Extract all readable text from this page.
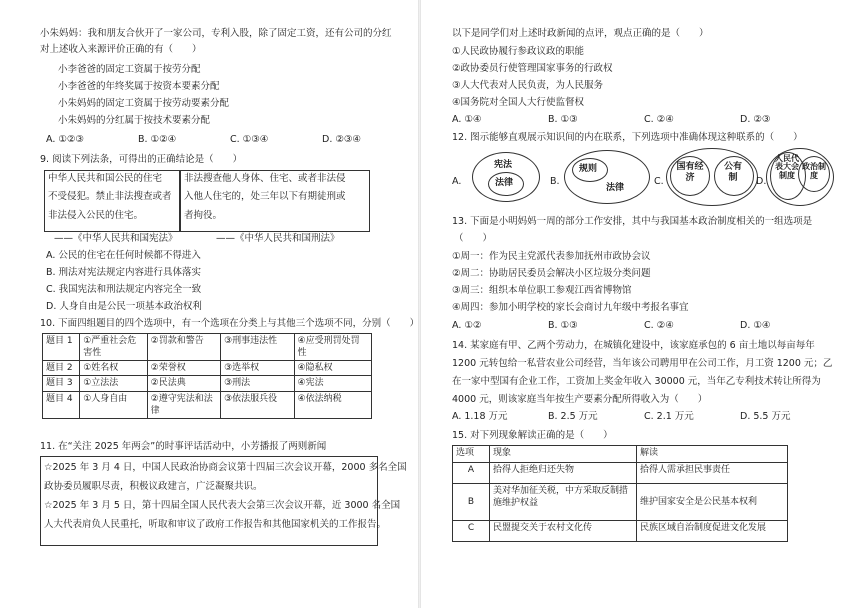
小朱妈妈：我和朋友合伙开了一家公司，专利入股，除了固定工资，还有公司的分红
对上述收入来源评价正确的有（　　）
小李爸爸的固定工资属于按劳分配
小李爸爸的年终奖属于按资本要素分配
小朱妈妈的固定工资属于按劳动要素分配
小朱妈妈的分红属于按技术要素分配
A. ①②③	B. ①②④	C. ①③④	D. ②③④
9. 阅读下列法条，可得出的正确结论是（　　）
中华人民共和国公民的住宅
不受侵犯。禁止非法搜查或者
非法侵入公民的住宅。
非法搜查他人身体、住宅、或者非法侵
入他人住宅的，处三年以下有期徒刑或
者拘役。
——《中华人民共和国宪法》	——《中华人民共和国刑法》
A. 公民的住宅在任何时候都不得进入
B. 刑法对宪法规定内容进行具体落实
C. 我国宪法和刑法规定内容完全一致
D. 人身自由是公民一项基本政治权利
10. 下面四组题目的四个选项中，有一个选项在分类上与其他三个选项不同，分别（　　）
题目 1	①严重社会危害性	②罚款和警告	③刑事违法性	④应受刑罚处罚性
题目 2	①姓名权	②荣誉权	③选举权	④隐私权
题目 3	①立法法	②民法典	③刑法	④宪法
题目 4	①人身自由	②遵守宪法和法律	③依法服兵役	④依法纳税
11. 在“关注 2025 年两会”的时事评话活动中，小芳播报了两则新闻
☆2025 年 3 月 4 日，中国人民政治协商会议第十四届三次会议开幕，2000 多名全国
政协委员履职尽责，积极议政建言，广泛凝聚共识。
☆2025 年 3 月 5 日，第十四届全国人民代表大会第三次会议开幕，近 3000 名全国
人大代表肩负人民重托，听取和审议了政府工作报告和其他国家机关的工作报告。
以下是同学们对上述时政新闻的点评，观点正确的是（　　）
①人民政协履行参政议政的职能
②政协委员行使管理国家事务的行政权
③人大代表对人民负责，为人民服务
④国务院对全国人大行使监督权
A. ①④	B. ①③	C. ②④	D. ②③
12. 图示能够直观展示知识间的内在联系，下列选项中准确体现这种联系的（　　）
A.
宪法
法律	B.
规则
法律
C.
国有经济
公有制	D.
人民代表大会制度
政治制度
13. 下面是小明妈妈一周的部分工作安排，其中与我国基本政治制度相关的一组选项是
（　　）
①周一：作为民主党派代表参加抚州市政协会议
②周二：协助居民委员会解决小区垃圾分类问题
③周三：组织本单位职工参观江西省博物馆
④周四：参加小明学校的家长会商讨九年级中考报名事宜
A. ①②	B. ①③	C. ②④	D. ①④
14. 某家庭有甲、乙两个劳动力，在城镇化建设中，该家庭承包的 6 亩土地以每亩每年
1200 元转包给一私营农业公司经营，当年该公司聘用甲在公司工作，月工资 1200 元；乙
在一家中型国有企业工作，工资加上奖金年收入 30000 元，当年乙专利技术转让所得为
4000 元，则该家庭当年按生产要素分配所得收入为（　　）
A. 1.18 万元	B. 2.5 万元	C. 2.1 万元	D. 5.5 万元
15. 对下列现象解读正确的是（　　）
选项	现象	解读
A	拾得人拒绝归还失物	拾得人需承担民事责任
B	美对华加征关税，中方采取反制措施维护权益	维护国家安全是公民基本权利
C	民盟提交关于农村文化传	民族区域自治制度促进文化发展
